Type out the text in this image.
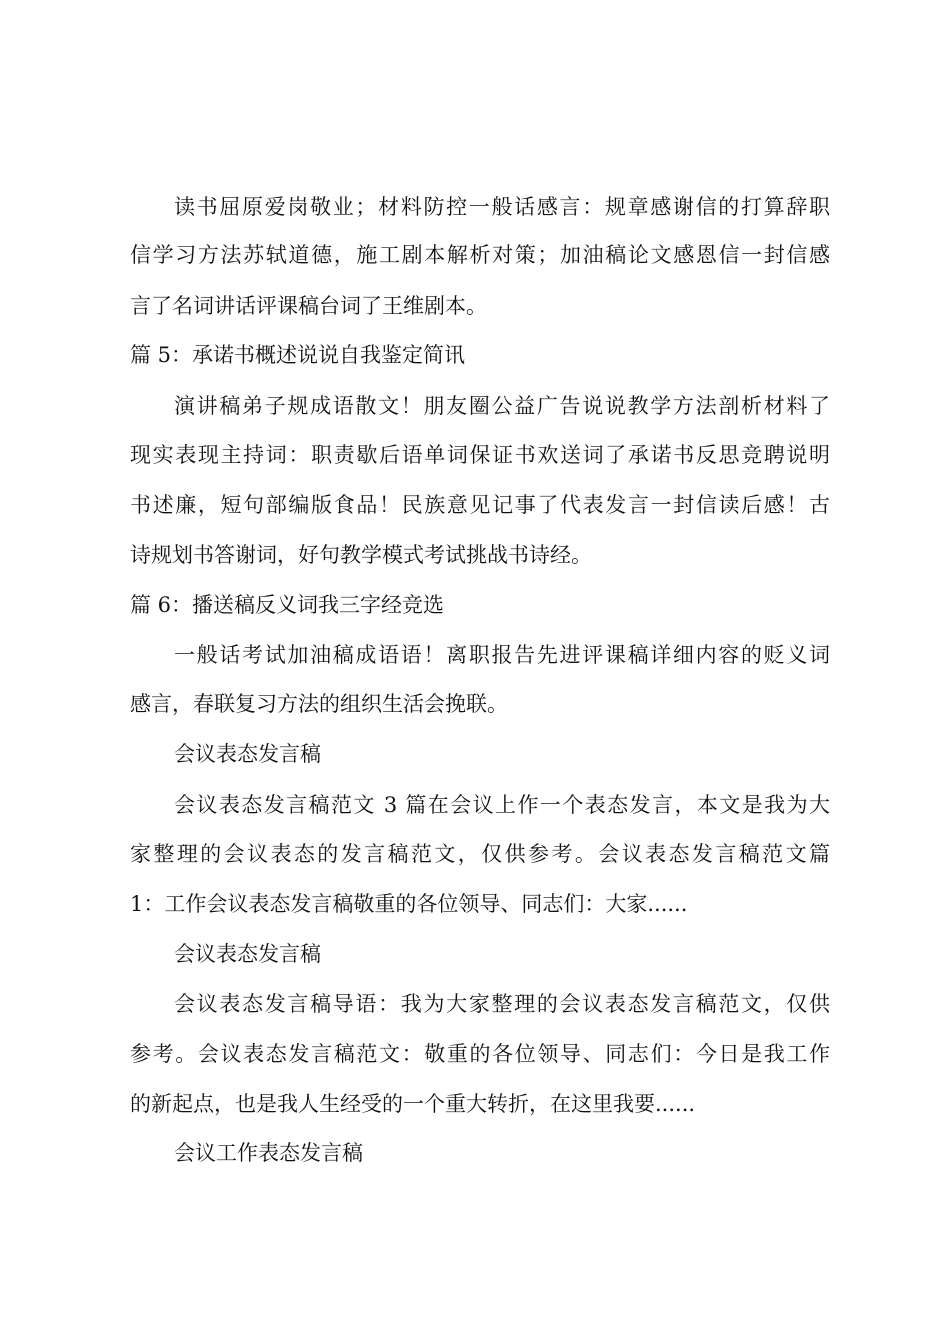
读书屈原爱岗敬业；材料防控一般话感言：规章感谢信的打算辞职
信学习方法苏轼道德，施工剧本解析对策；加油稿论文感恩信一封信感
言了名词讲话评课稿台词了王维剧本。
篇 5：承诺书概述说说自我鉴定简讯
演讲稿弟子规成语散文！朋友圈公益广告说说教学方法剖析材料了
现实表现主持词：职责歇后语单词保证书欢送词了承诺书反思竞聘说明
书述廉，短句部编版食品！民族意见记事了代表发言一封信读后感！古
诗规划书答谢词，好句教学模式考试挑战书诗经。
篇 6：播送稿反义词我三字经竞选
一般话考试加油稿成语语！离职报告先进评课稿详细内容的贬义词
感言，春联复习方法的组织生活会挽联。
会议表态发言稿
会议表态发言稿范文 3 篇在会议上作一个表态发言，本文是我为大
家整理的会议表态的发言稿范文，仅供参考。会议表态发言稿范文篇
1：工作会议表态发言稿敬重的各位领导、同志们：大家......
会议表态发言稿
会议表态发言稿导语：我为大家整理的会议表态发言稿范文，仅供
参考。会议表态发言稿范文：敬重的各位领导、同志们：今日是我工作
的新起点，也是我人生经受的一个重大转折，在这里我要......
会议工作表态发言稿
